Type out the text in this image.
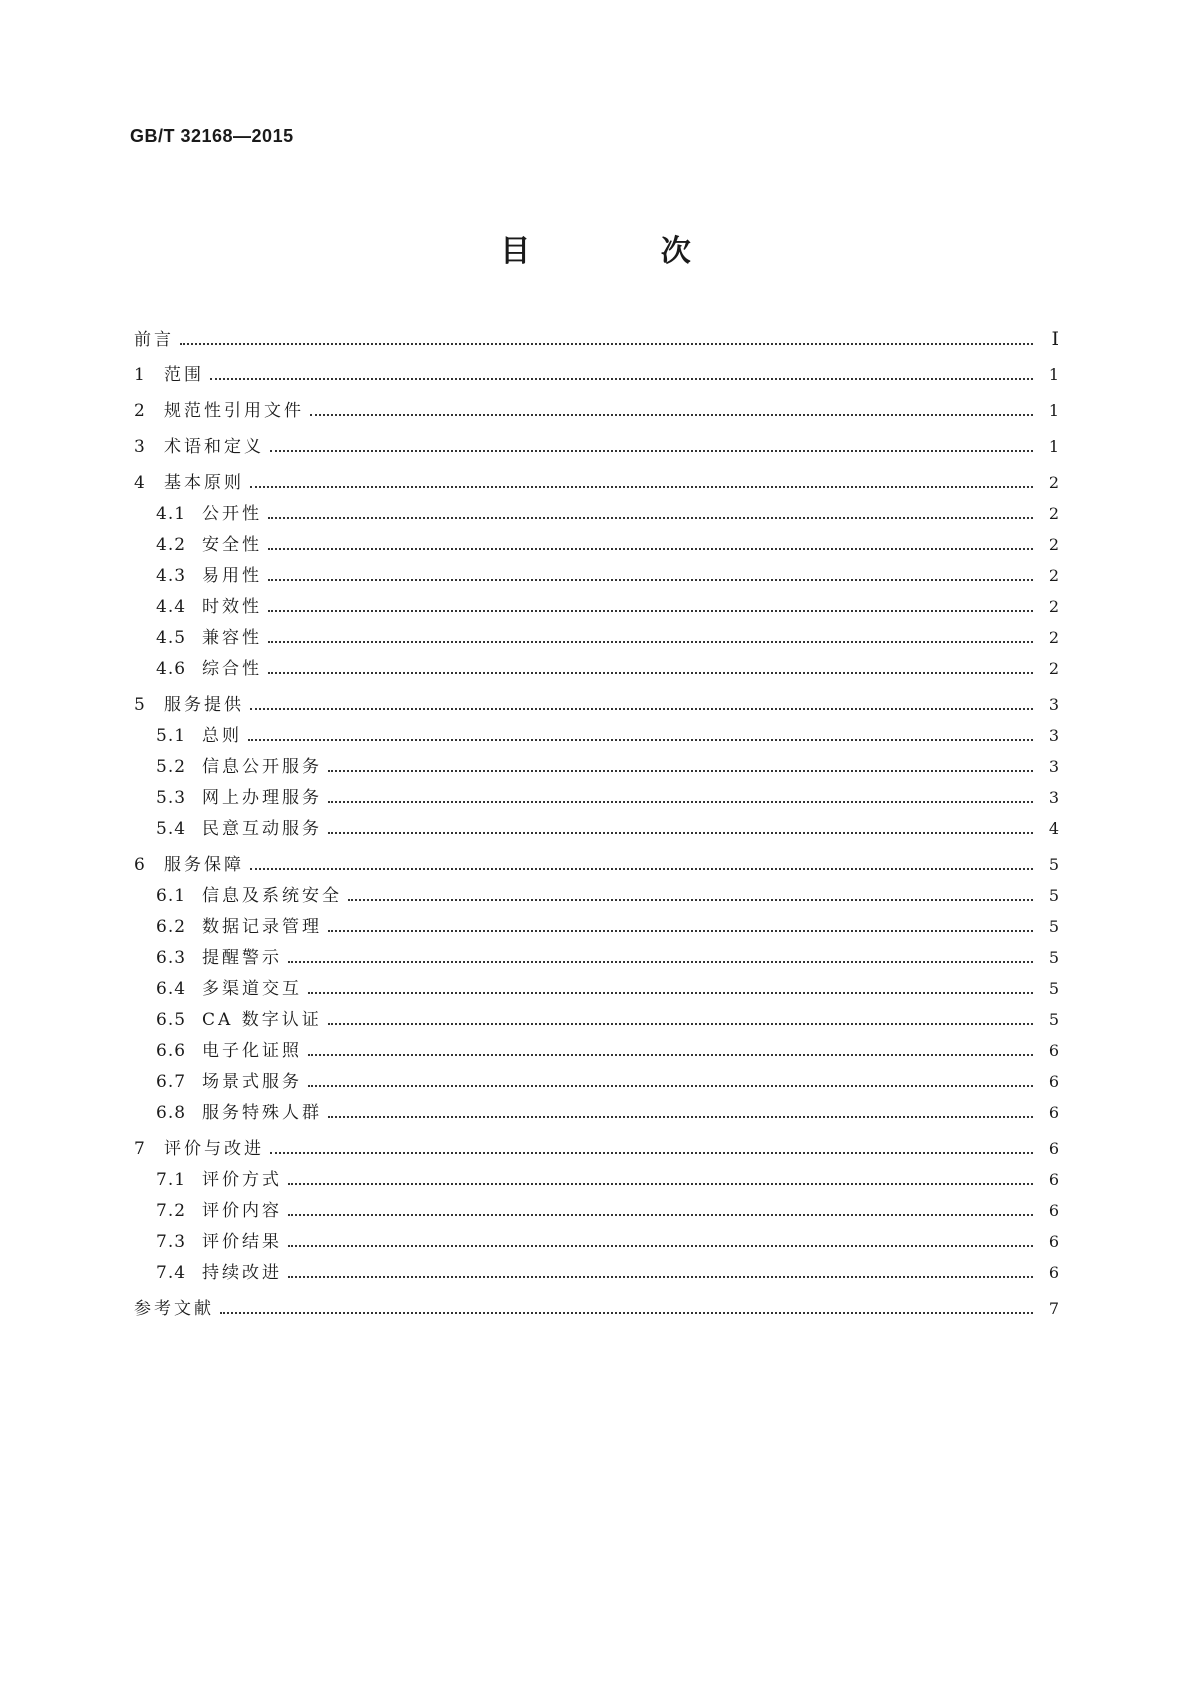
GB/T 32168—2015
目 次
前言	Ⅰ
1	范围	1
2	规范性引用文件	1
3	术语和定义	1
4	基本原则	2
4.1 公开性	2
4.2 安全性	2
4.3 易用性	2
4.4 时效性	2
4.5 兼容性	2
4.6 综合性	2
5	服务提供	3
5.1 总则	3
5.2 信息公开服务	3
5.3 网上办理服务	3
5.4 民意互动服务	4
6	服务保障	5
6.1 信息及系统安全	5
6.2 数据记录管理	5
6.3 提醒警示	5
6.4 多渠道交互	5
6.5 CA 数字认证	5
6.6 电子化证照	6
6.7 场景式服务	6
6.8 服务特殊人群	6
7	评价与改进	6
7.1 评价方式	6
7.2 评价内容	6
7.3 评价结果	6
7.4 持续改进	6
参考文献	7
